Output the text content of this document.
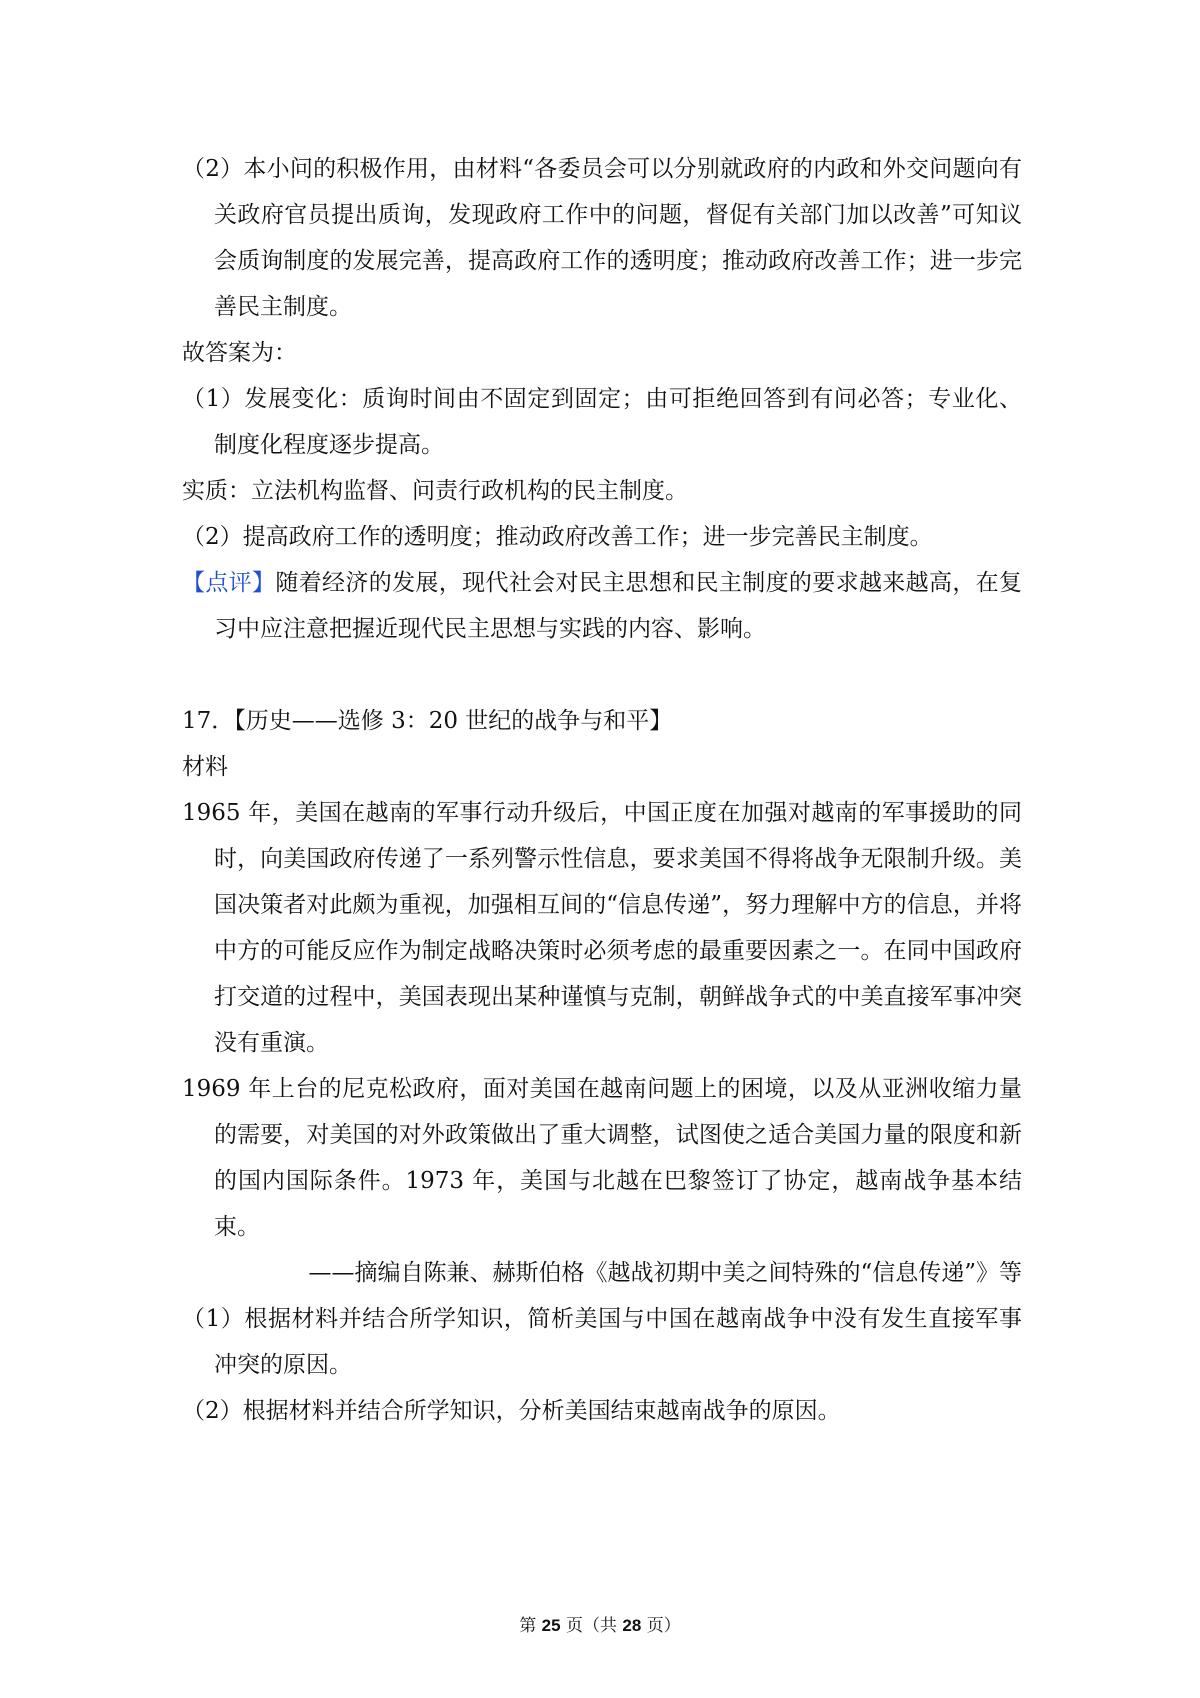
（2）本小问的积极作用，由材料“各委员会可以分别就政府的内政和外交问题向有关政府官员提出质询，发现政府工作中的问题，督促有关部门加以改善”可知议会质询制度的发展完善，提高政府工作的透明度；推动政府改善工作；进一步完善民主制度。

故答案为：

（1）发展变化：质询时间由不固定到固定；由可拒绝回答到有问必答；专业化、制度化程度逐步提高。

实质：立法机构监督、问责行政机构的民主制度。

（2）提高政府工作的透明度；推动政府改善工作；进一步完善民主制度。

【点评】随着经济的发展，现代社会对民主思想和民主制度的要求越来越高，在复习中应注意把握近现代民主思想与实践的内容、影响。

17．【历史——选修 3：20 世纪的战争与和平】

材料

1965 年，美国在越南的军事行动升级后，中国正度在加强对越南的军事援助的同时，向美国政府传递了一系列警示性信息，要求美国不得将战争无限制升级。美国决策者对此颇为重视，加强相互间的“信息传递”，努力理解中方的信息，并将中方的可能反应作为制定战略决策时必须考虑的最重要因素之一。在同中国政府打交道的过程中，美国表现出某种谨慎与克制，朝鲜战争式的中美直接军事冲突没有重演。

1969 年上台的尼克松政府，面对美国在越南问题上的困境，以及从亚洲收缩力量的需要，对美国的对外政策做出了重大调整，试图使之适合美国力量的限度和新的国内国际条件。1973 年，美国与北越在巴黎签订了协定，越南战争基本结束。

——摘编自陈兼、赫斯伯格《越战初期中美之间特殊的“信息传递”》等

（1）根据材料并结合所学知识，简析美国与中国在越南战争中没有发生直接军事冲突的原因。

（2）根据材料并结合所学知识，分析美国结束越南战争的原因。

第 25 页（共 28 页）
